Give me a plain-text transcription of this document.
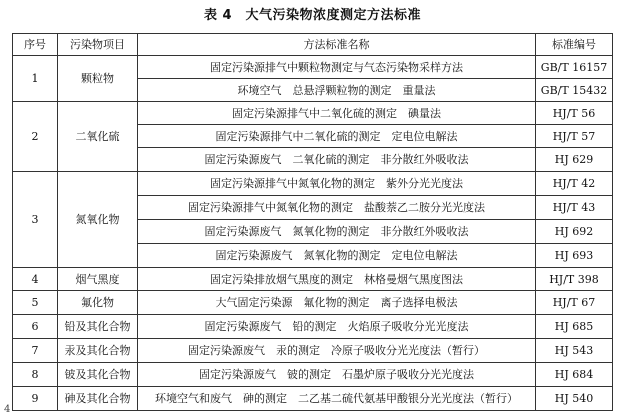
表 4　大气污染物浓度测定方法标准
序号	污染物项目	方法标准名称	标准编号
1	颗粒物	固定污染源排气中颗粒物测定与气态污染物采样方法	GB/T 16157
		环境空气　总悬浮颗粒物的测定　重量法	GB/T 15432
2	二氧化硫	固定污染源排气中二氧化硫的测定　碘量法	HJ/T 56
		固定污染源排气中二氧化硫的测定　定电位电解法	HJ/T 57
		固定污染源废气　二氧化硫的测定　非分散红外吸收法	HJ 629
3	氮氧化物	固定污染源排气中氮氧化物的测定　紫外分光光度法	HJ/T 42
		固定污染源排气中氮氧化物的测定　盐酸萘乙二胺分光光度法	HJ/T 43
		固定污染源废气　氮氧化物的测定　非分散红外吸收法	HJ 692
		固定污染源废气　氮氧化物的测定　定电位电解法	HJ 693
4	烟气黑度	固定污染排放烟气黑度的测定　林格曼烟气黑度图法	HJ/T 398
5	氟化物	大气固定污染源　氟化物的测定　离子选择电极法	HJ/T 67
6	铅及其化合物	固定污染源废气　铅的测定　火焰原子吸收分光光度法	HJ 685
7	汞及其化合物	固定污染源废气　汞的测定　冷原子吸收分光光度法（暂行）	HJ 543
8	铍及其化合物	固定污染源废气　铍的测定　石墨炉原子吸收分光光度法	HJ 684
9	砷及其化合物	环境空气和废气　砷的测定　二乙基二硫代氨基甲酸银分光光度法（暂行）	HJ 540
4
